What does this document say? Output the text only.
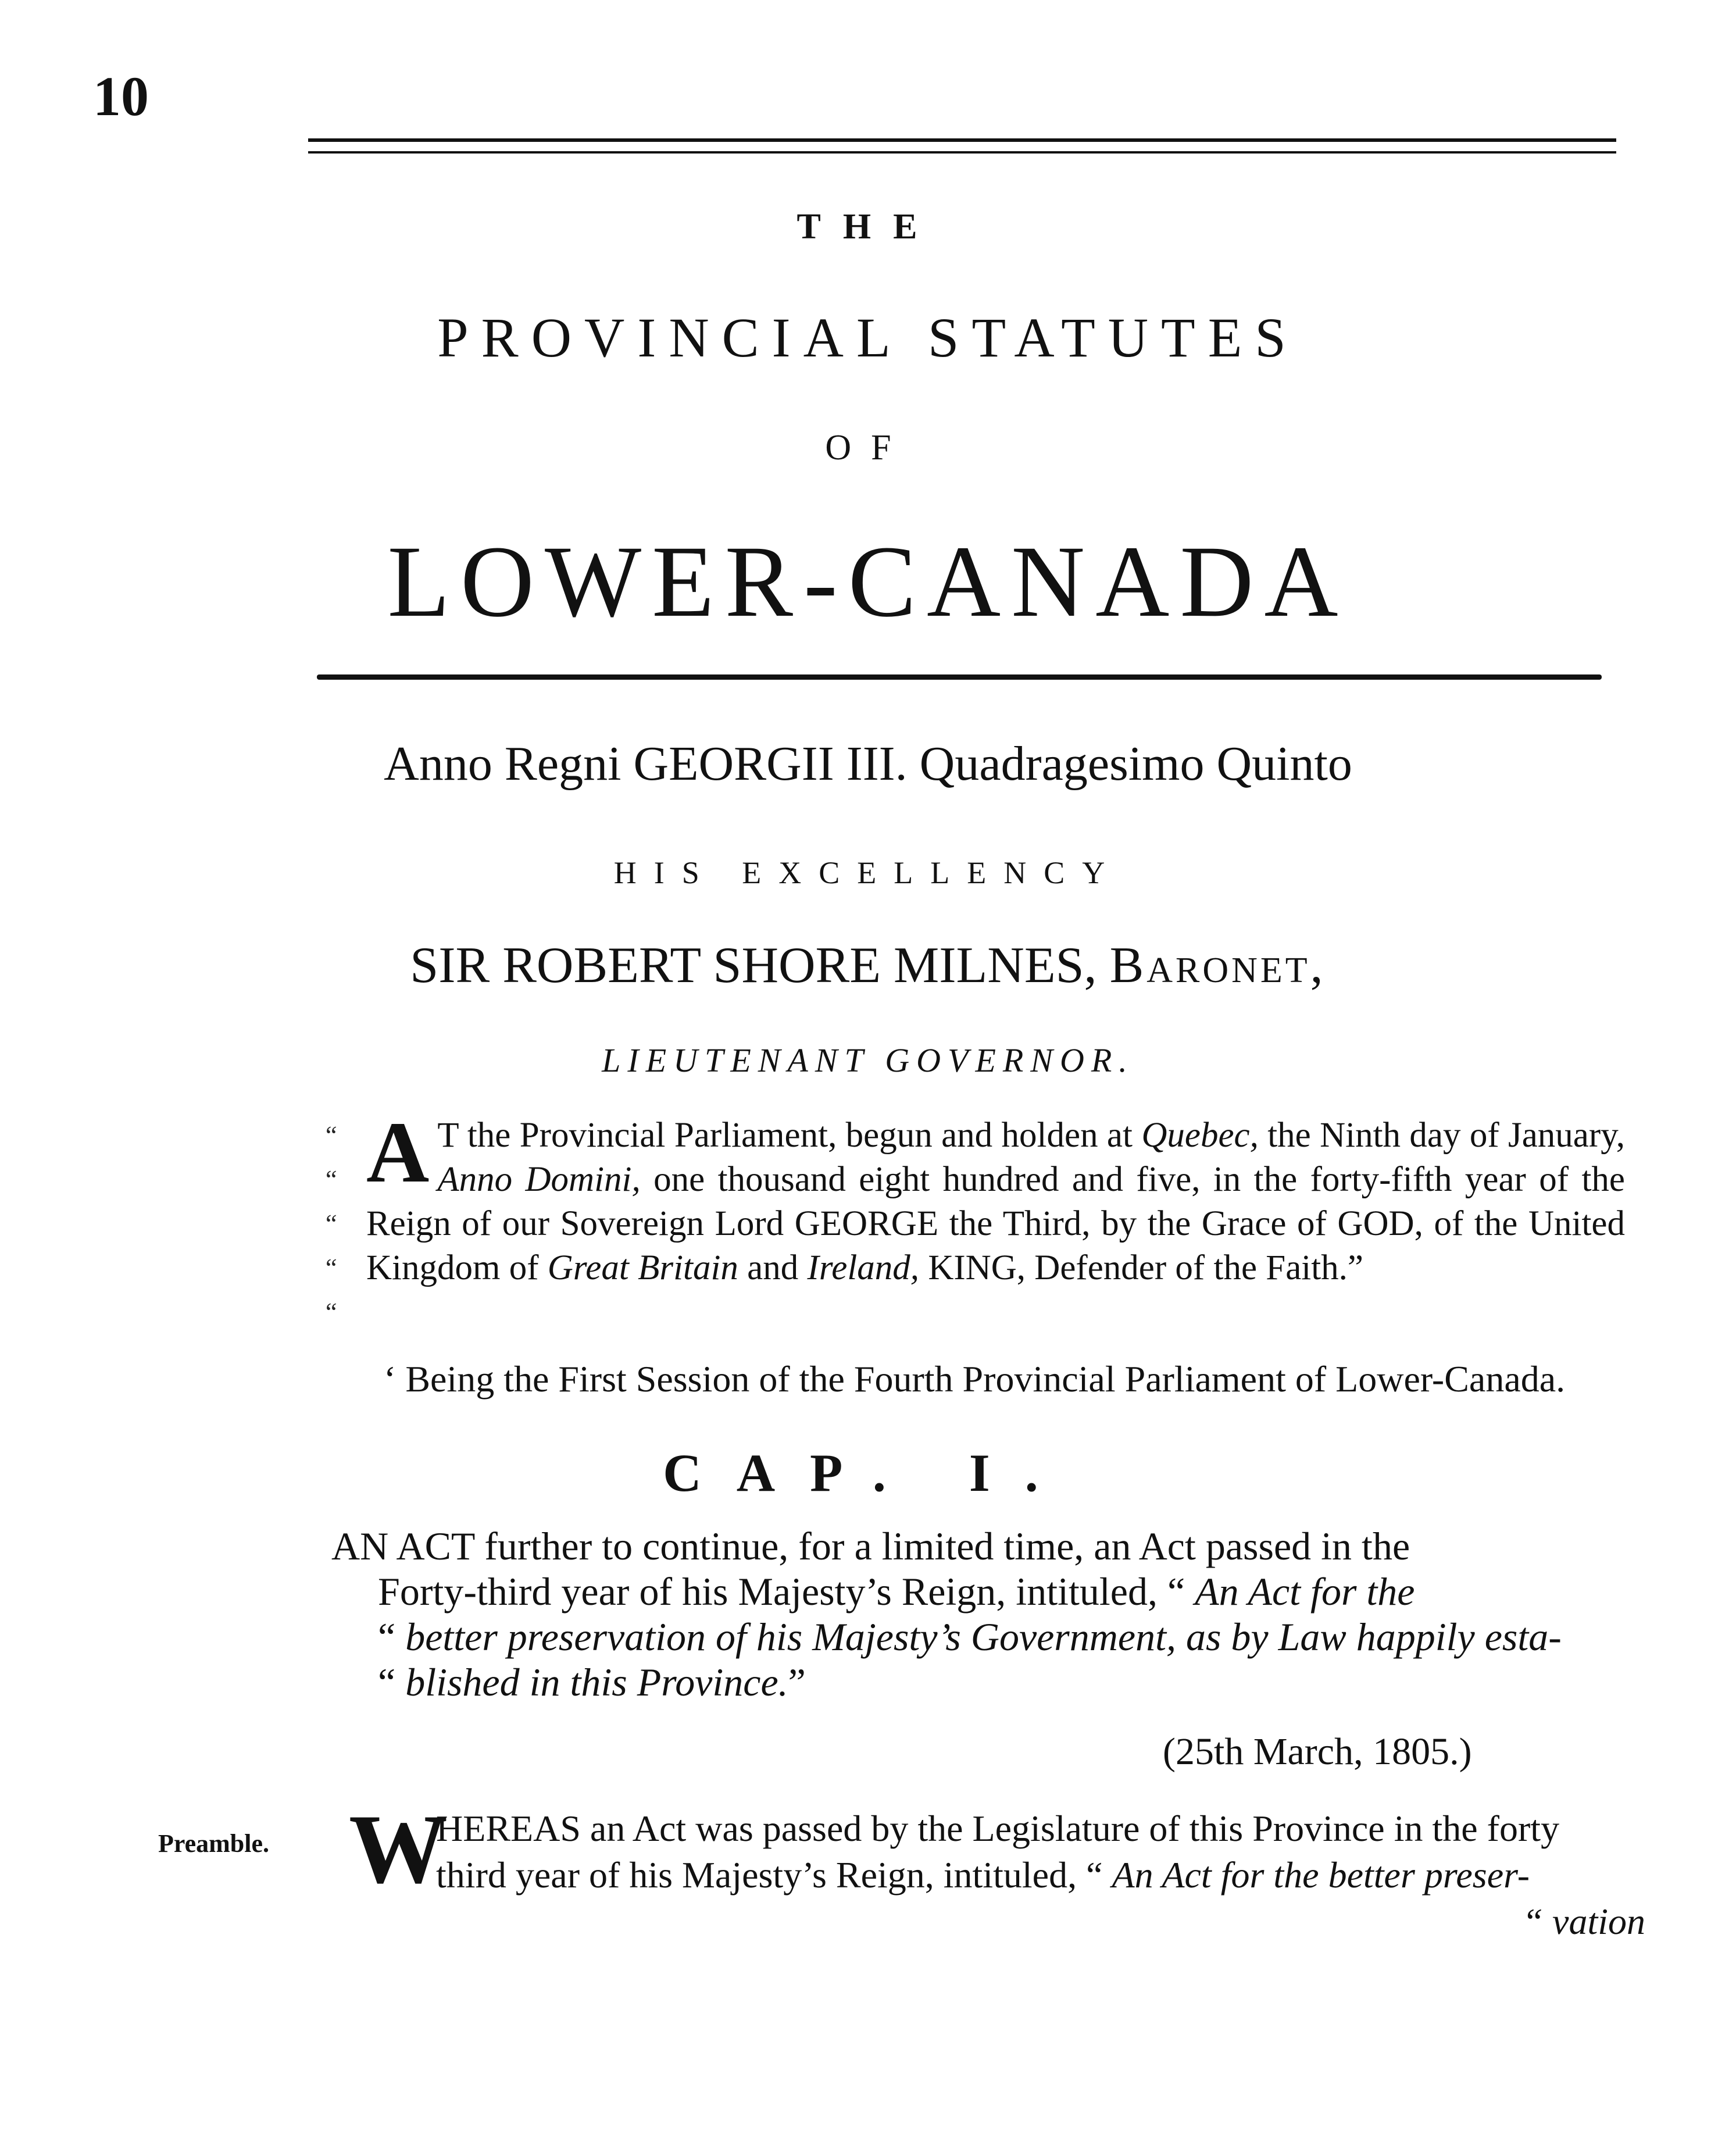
10
THE
PROVINCIAL STATUTES
OF
LOWER-CANADA
Anno Regni GEORGII III. Quadragesimo Quinto
HIS EXCELLENCY
SIR ROBERT SHORE MILNES, Baronet,
LIEUTENANT GOVERNOR.
“
“
“
“
“
A T the Provincial Parliament, begun and holden at Quebec, the Ninth day of January, Anno Domini, one thousand eight hundred and five, in the forty-fifth year of the Reign of our Sovereign Lord GEORGE the Third, by the Grace of GOD, of the United Kingdom of Great Britain and Ireland, KING, Defender of the Faith.”
‘ Being the First Session of the Fourth Provincial Parliament of Lower-Canada.
CAP. I.
AN ACT further to continue, for a limited time, an Act passed in the
Forty-third year of his Majesty’s Reign, intituled, “ An Act for the
“ better preservation of his Majesty’s Government, as by Law happily esta-
“ blished in this Province.”
(25th March, 1805.)
Preamble. W
HEREAS an Act was passed by the Legislature of this Province in the forty
third year of his Majesty’s Reign, intituled, “ An Act for the better preser-
“ vation
